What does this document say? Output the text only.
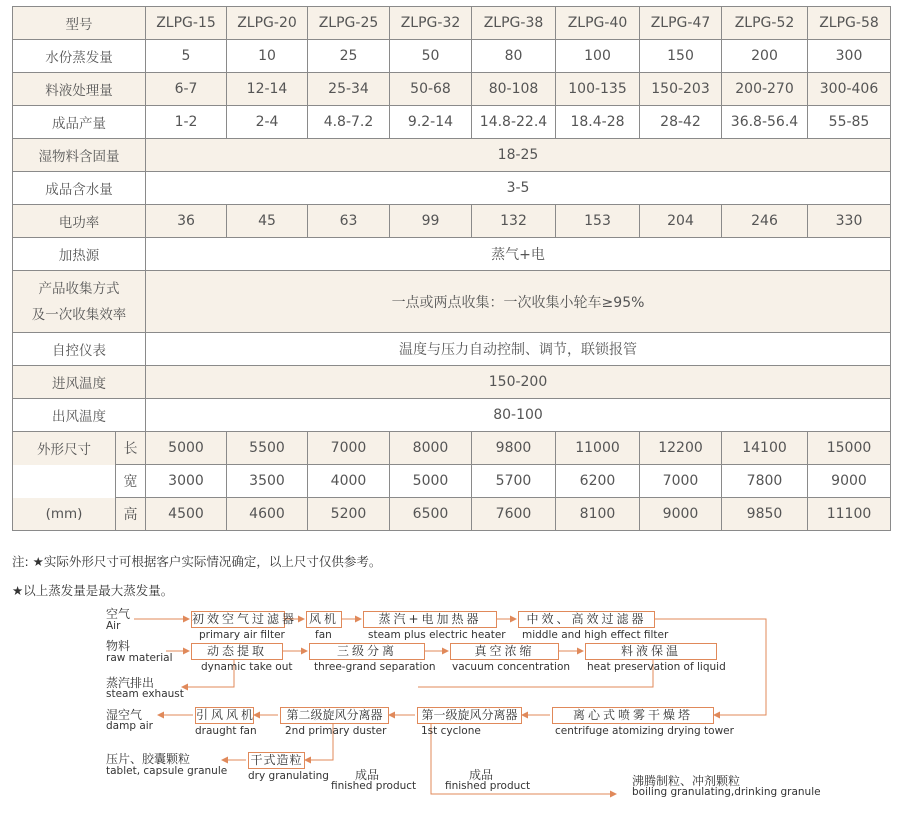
型号		ZLPG-15	ZLPG-20	ZLPG-25	ZLPG-32	ZLPG-38	ZLPG-40	ZLPG-47	ZLPG-52	ZLPG-58
水份蒸发量		5	10	25	50	80	100	150	200	300
料液处理量		6-7	12-14	25-34	50-68	80-108	100-135	150-203	200-270	300-406
成品产量		1-2	2-4	4.8-7.2	9.2-14	14.8-22.4	18.4-28	28-42	36.8-56.4	55-85
湿物料含固量		18-25								
成品含水量		3-5								
电功率		36	45	63	99	132	153	204	246	330
加热源		蒸气+电								

产品收集方式
及一次收集效率		一点或两点收集：一次收集小轮车≥95%								
自控仪表		温度与压力自动控制、调节，联锁报管								
进风温度		150-200								
出风温度		80-100								
外形尺寸	长	5000	5500	7000	8000	9800	11000	12200	14100	15000
	宽	3000	3500	4000	5000	5700	6200	7000	7800	9000
(mm)	高	4500	4600	5200	6500	7600	8100	9000	9850	11100
注: ★实际外形尺寸可根据客户实际情况确定，以上尺寸仅供参考。
★以上蒸发量是最大蒸发量。
空气
Air
物料
raw material
蒸汽排出
steam exhaust
湿空气
damp air
压片、胶囊颗粒
tablet, capsule granule
沸腾制粒、冲剂颗粒
boiling granulating,drinking granule
成品
finished product
成品
finished product
初效空气过滤器
primary air filter
风机
fan
蒸汽+电加热器
steam plus electric heater
中效、高效过滤器
middle and high effect filter
动态提取
dynamic take out
三级分离
three-grand separation
真空浓缩
vacuum concentration
料液保温
heat preservation of liquid
引风风机
draught fan
第二级旋风分离器
2nd primary duster
第一级旋风分离器
1st cyclone
离心式喷雾干燥塔
centrifuge atomizing drying tower
干式造粒
dry granulating
